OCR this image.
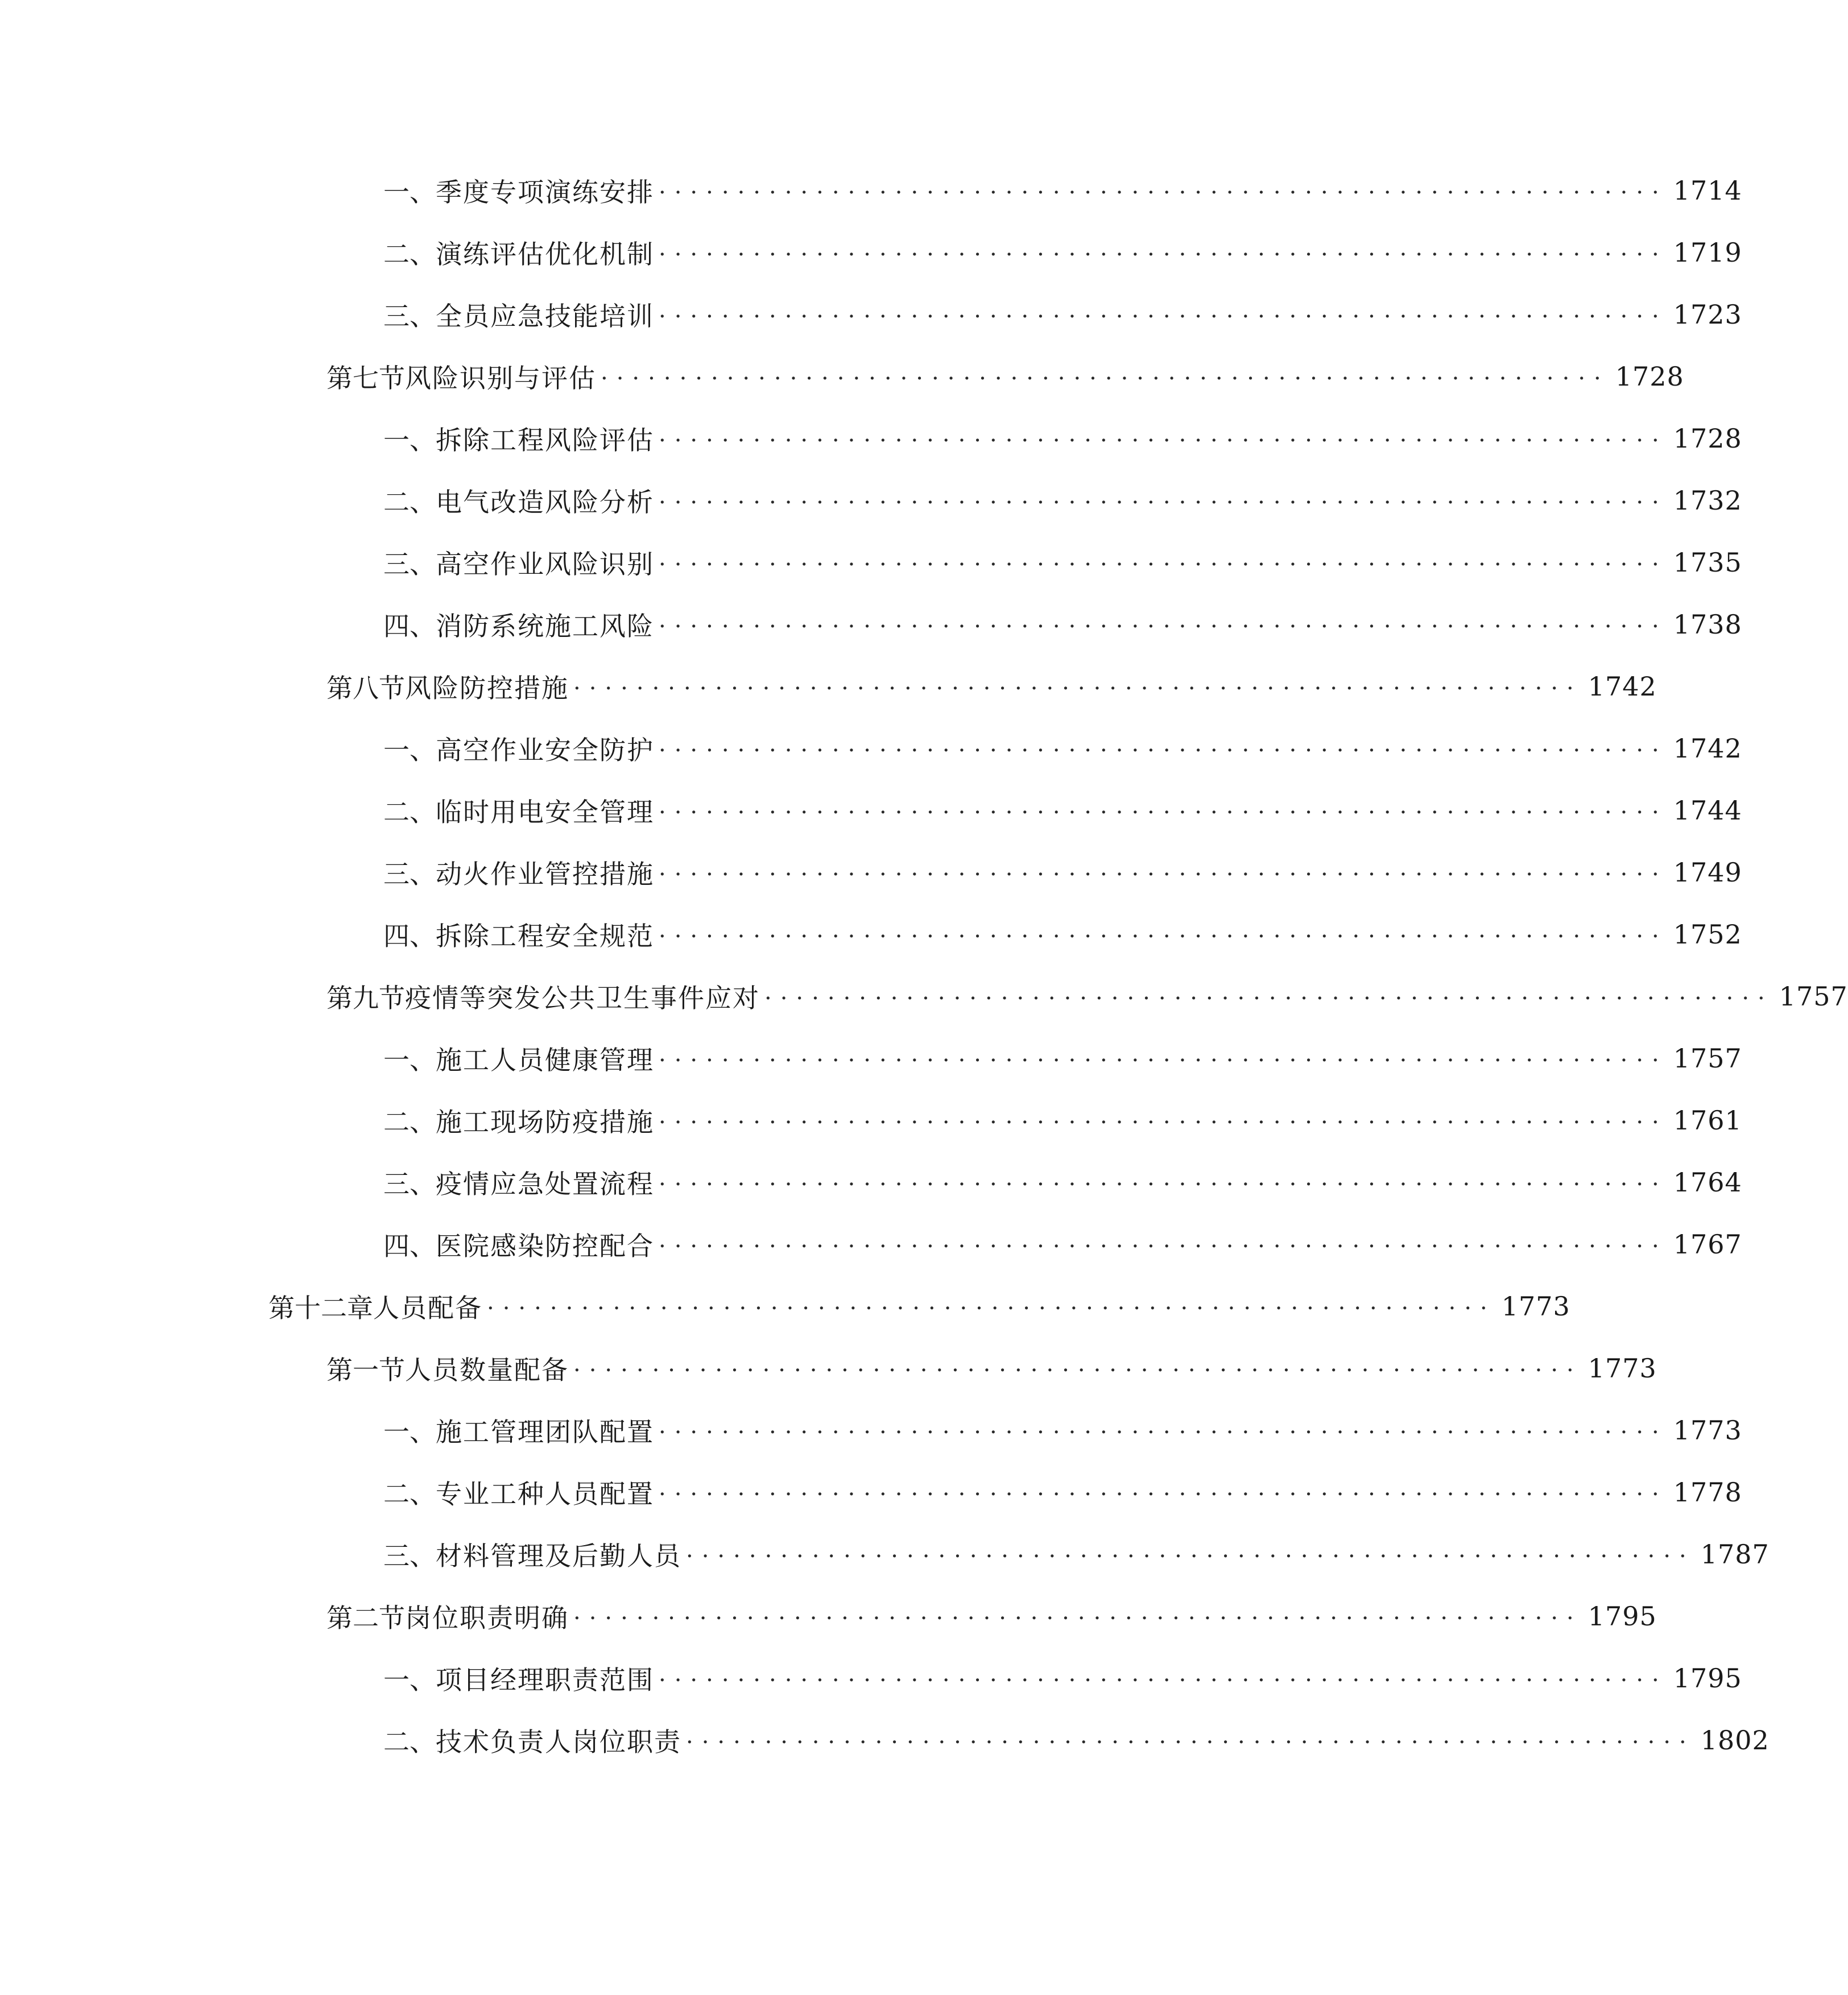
一、 季度专项演练安排 ································································ 1714
二、 演练评估优化机制 ································································ 1719
三、 全员应急技能培训 ································································ 1723
第七节 风险识别与评估 ································································ 1728
一、 拆除工程风险评估 ································································ 1728
二、 电气改造风险分析 ································································ 1732
三、 高空作业风险识别 ································································ 1735
四、 消防系统施工风险 ································································ 1738
第八节 风险防控措施 ································································ 1742
一、 高空作业安全防护 ································································ 1742
二、 临时用电安全管理 ································································ 1744
三、 动火作业管控措施 ································································ 1749
四、 拆除工程安全规范 ································································ 1752
第九节 疫情等突发公共卫生事件应对 ································································ 1757
一、 施工人员健康管理 ································································ 1757
二、 施工现场防疫措施 ································································ 1761
三、 疫情应急处置流程 ································································ 1764
四、 医院感染防控配合 ································································ 1767
第十二章 人员配备 ································································ 1773
第一节 人员数量配备 ································································ 1773
一、 施工管理团队配置 ································································ 1773
二、 专业工种人员配置 ································································ 1778
三、 材料管理及后勤人员 ································································ 1787
第二节 岗位职责明确 ································································ 1795
一、 项目经理职责范围 ································································ 1795
二、 技术负责人岗位职责 ································································ 1802
